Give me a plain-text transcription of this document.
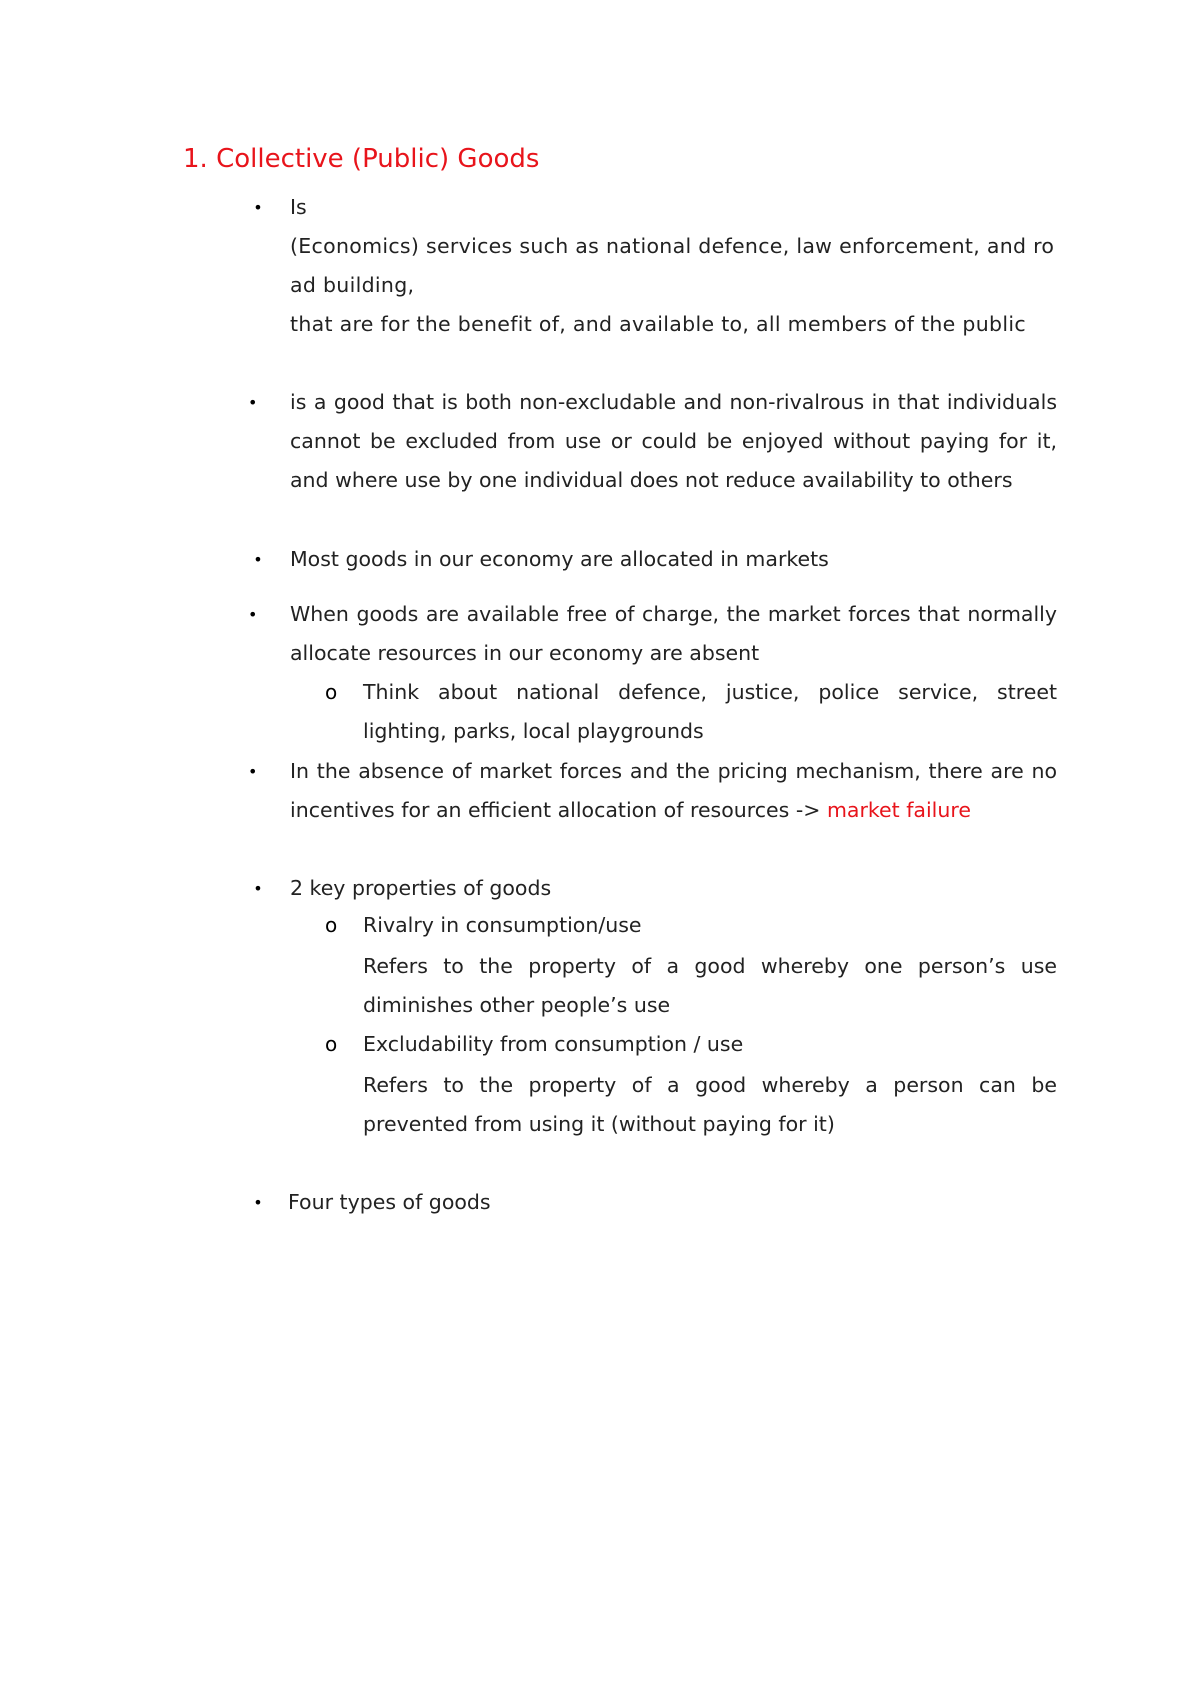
1. Collective (Public) Goods
• Is
(Economics) services such as national defence, law enforcement, and road building,
that are for the benefit of, and available to, all members of the public
•	is a good that is both non-excludable and non-rivalrous in that individuals cannot be excluded from use or could be enjoyed without paying for it, and where use by one individual does not reduce availability to others
• Most goods in our economy are allocated in markets
•	When goods are available free of charge, the market forces that normally allocate resources in our economy are absent
o Think about national defence, justice, police service, street lighting, parks, local playgrounds
•	In the absence of market forces and the pricing mechanism, there are no incentives for an efficient allocation of resources -> market failure
• 2 key properties of goods
o Rivalry in consumption/use
Refers to the property of a good whereby one person’s use diminishes other people’s use
o Excludability from consumption / use
Refers to the property of a good whereby a person can be prevented from using it (without paying for it)
• Four types of goods
